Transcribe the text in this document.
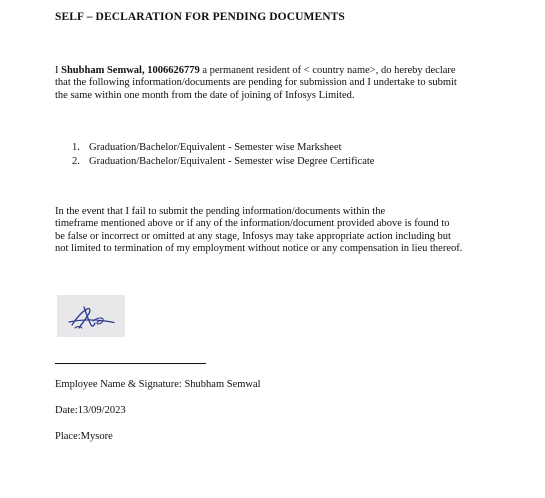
SELF – DECLARATION FOR PENDING DOCUMENTS
I Shubham Semwal, 1006626779 a permanent resident of < country name>, do hereby declare
that the following information/documents are pending for submission and I undertake to submit
the same within one month from the date of joining of Infosys Limited.
1. Graduation/Bachelor/Equivalent - Semester wise Marksheet
2. Graduation/Bachelor/Equivalent - Semester wise Degree Certificate
In the event that I fail to submit the pending information/documents within the
timeframe mentioned above or if any of the information/document provided above is found to
be false or incorrect or omitted at any stage, Infosys may take appropriate action including but
not limited to termination of my employment without notice or any compensation in lieu thereof.
Employee Name & Signature: Shubham Semwal
Date:13/09/2023
Place:Mysore
